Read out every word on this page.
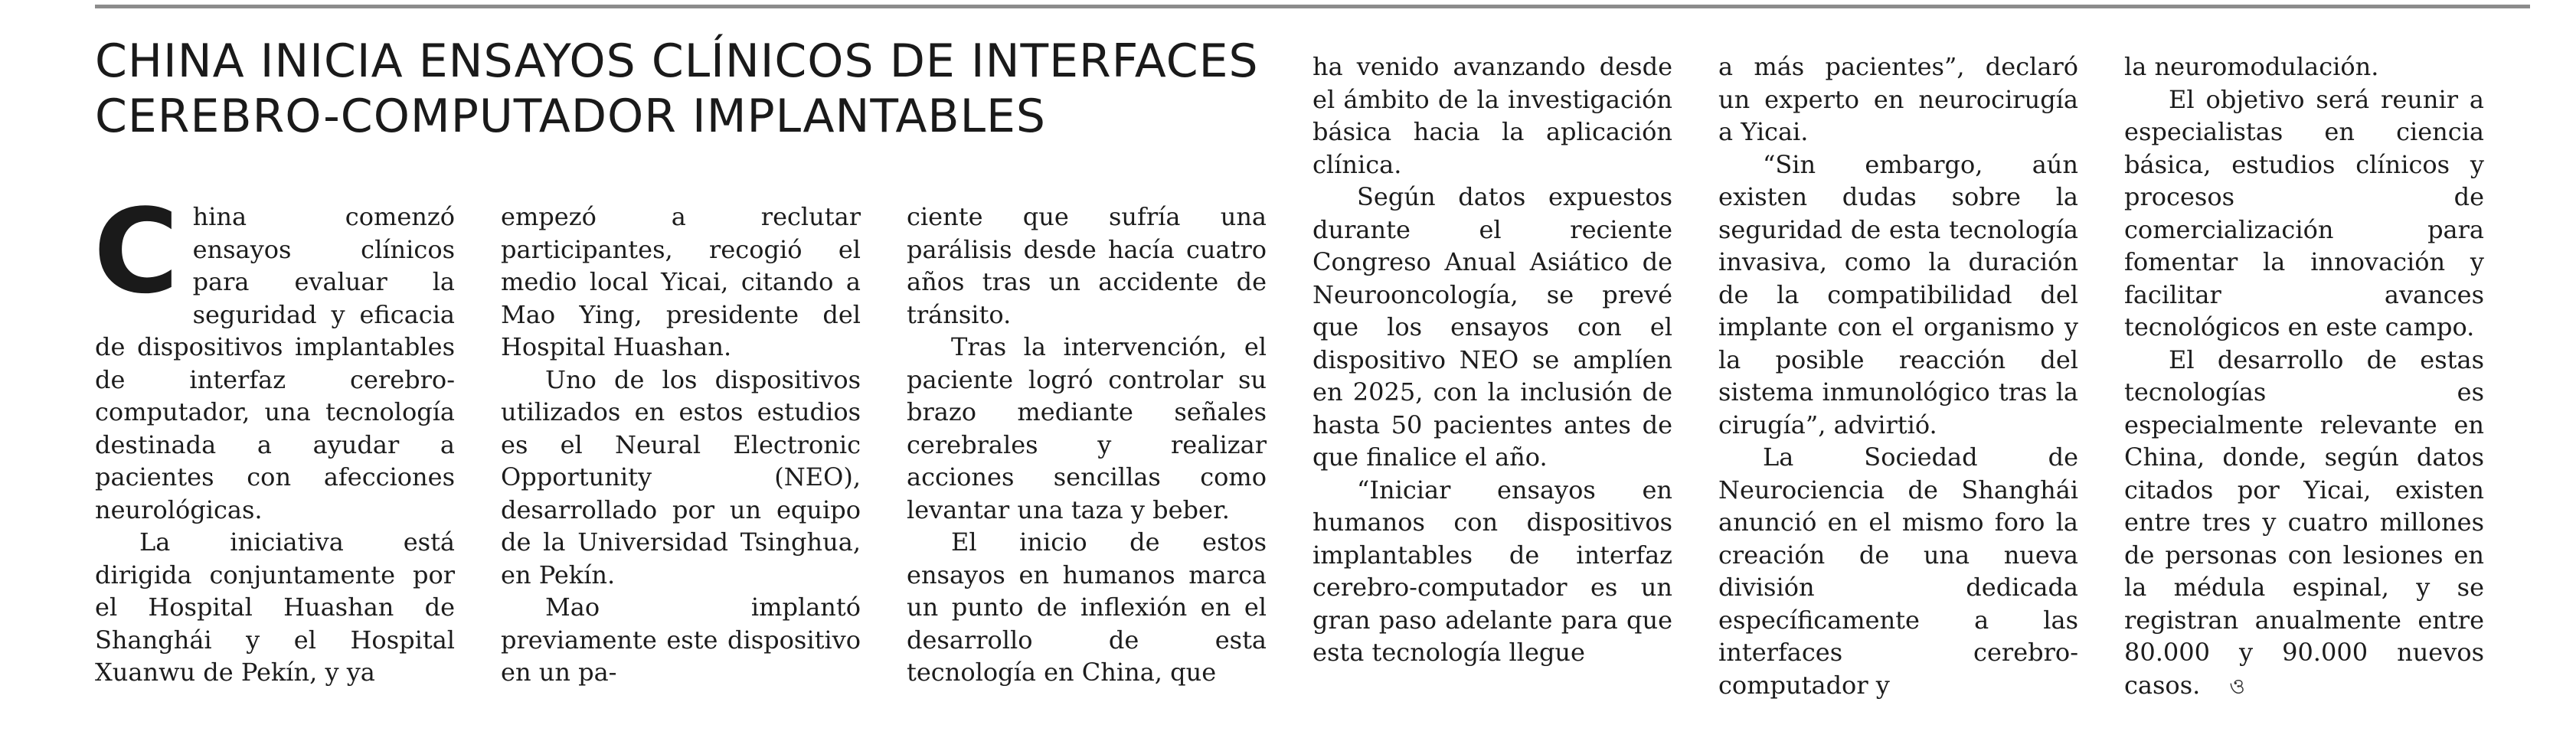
CHINA INICIA ENSAYOS CLÍNICOS DE INTERFACES CEREBRO-COMPUTADOR IMPLANTABLES

China comenzó ensayos clínicos para evaluar la seguridad y eficacia de dispositivos implantables de interfaz cerebro-computador, una tecnología destinada a ayudar a pacientes con afecciones neurológicas.

La iniciativa está dirigida conjuntamente por el Hospital Huashan de Shanghái y el Hospital Xuanwu de Pekín, y ya

empezó a reclutar participantes, recogió el medio local Yicai, citando a Mao Ying, presidente del Hospital Huashan.

Uno de los dispositivos utilizados en estos estudios es el Neural Electronic Opportunity (NEO), desarrollado por un equipo de la Universidad Tsinghua, en Pekín.

Mao implantó previamente este dispositivo en un pa-

ciente que sufría una parálisis desde hacía cuatro años tras un accidente de tránsito.

Tras la intervención, el paciente logró controlar su brazo mediante señales cerebrales y realizar acciones sencillas como levantar una taza y beber.

El inicio de estos ensayos en humanos marca un punto de inflexión en el desarrollo de esta tecnología en China, que

ha venido avanzando desde el ámbito de la investigación básica hacia la aplicación clínica.

Según datos expuestos durante el reciente Congreso Anual Asiático de Neurooncología, se prevé que los ensayos con el dispositivo NEO se amplíen en 2025, con la inclusión de hasta 50 pacientes antes de que finalice el año.

“Iniciar ensayos en humanos con dispositivos implantables de interfaz cerebro-computador es un gran paso adelante para que esta tecnología llegue

a más pacientes”, declaró un experto en neurocirugía a Yicai.

“Sin embargo, aún existen dudas sobre la seguridad de esta tecnología invasiva, como la duración de la compatibilidad del implante con el organismo y la posible reacción del sistema inmunológico tras la cirugía”, advirtió.

La Sociedad de Neurociencia de Shanghái anunció en el mismo foro la creación de una nueva división dedicada específicamente a las interfaces cerebro-computador y

la neuromodulación.

El objetivo será reunir a especialistas en ciencia básica, estudios clínicos y procesos de comercialización para fomentar la innovación y facilitar avances tecnológicos en este campo.

El desarrollo de estas tecnologías es especialmente relevante en China, donde, según datos citados por Yicai, existen entre tres y cuatro millones de personas con lesiones en la médula espinal, y se registran anualmente entre 80.000 y 90.000 nuevos casos. ও
